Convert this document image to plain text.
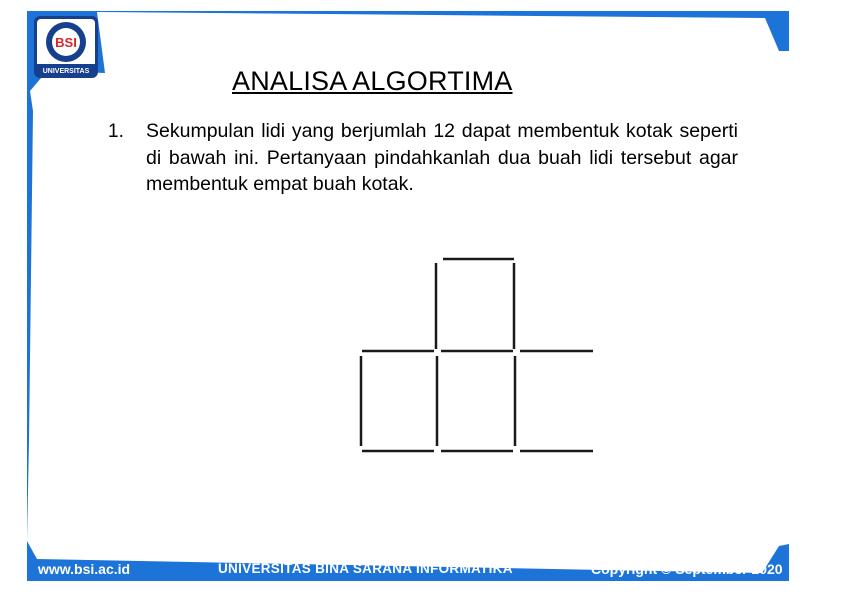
BSI
UNIVERSITAS	ANALISA ALGORTIMA
1. Sekumpulan lidi yang berjumlah 12 dapat membentuk kotak seperti di bawah ini. Pertanyaan pindahkanlah dua buah lidi tersebut agar membentuk empat buah kotak.
www.bsi.ac.id	UNIVERSITAS BINA SARANA INFORMATIKA	Copyright © September 2020
